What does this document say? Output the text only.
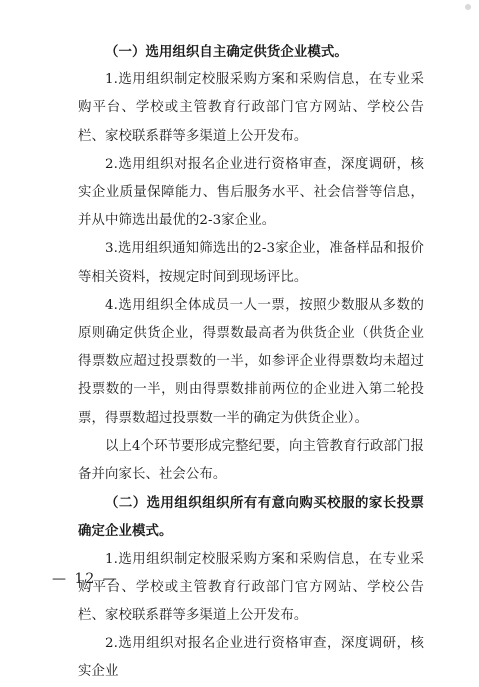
（一）选用组织自主确定供货企业模式。

1.选用组织制定校服采购方案和采购信息，在专业采购平台、学校或主管教育行政部门官方网站、学校公告栏、家校联系群等多渠道上公开发布。

2.选用组织对报名企业进行资格审查，深度调研，核实企业质量保障能力、售后服务水平、社会信誉等信息，并从中筛选出最优的2-3家企业。

3.选用组织通知筛选出的2-3家企业，准备样品和报价等相关资料，按规定时间到现场评比。

4.选用组织全体成员一人一票，按照少数服从多数的原则确定供货企业，得票数最高者为供货企业（供货企业得票数应超过投票数的一半，如参评企业得票数均未超过投票数的一半，则由得票数排前两位的企业进入第二轮投票，得票数超过投票数一半的确定为供货企业）。

以上4个环节要形成完整纪要，向主管教育行政部门报备并向家长、社会公布。

（二）选用组织组织所有有意向购买校服的家长投票确定企业模式。

1.选用组织制定校服采购方案和采购信息，在专业采购平台、学校或主管教育行政部门官方网站、学校公告栏、家校联系群等多渠道上公开发布。

2.选用组织对报名企业进行资格审查，深度调研，核实企业

— 12 —
